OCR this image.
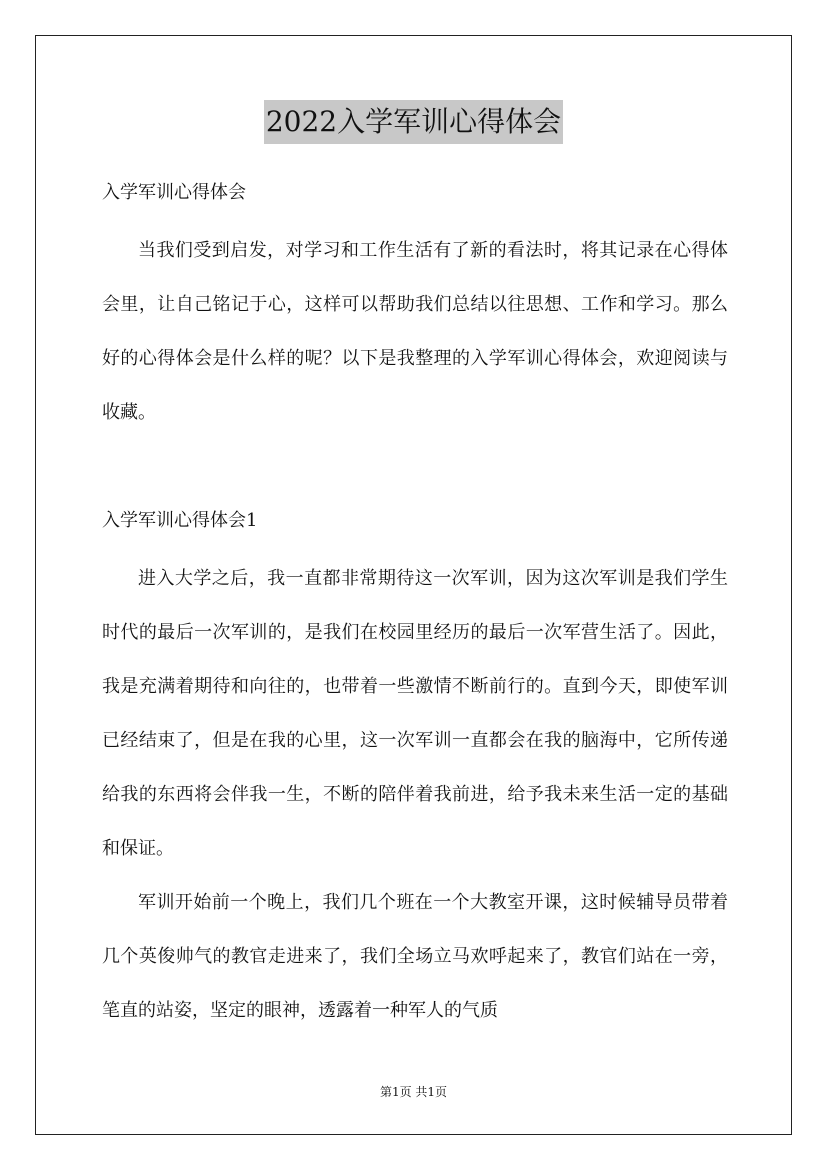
2022入学军训心得体会

入学军训心得体会

当我们受到启发，对学习和工作生活有了新的看法时，将其记录在心得体会里，让自己铭记于心，这样可以帮助我们总结以往思想、工作和学习。那么好的心得体会是什么样的呢？以下是我整理的入学军训心得体会，欢迎阅读与收藏。

入学军训心得体会1

进入大学之后，我一直都非常期待这一次军训，因为这次军训是我们学生时代的最后一次军训的，是我们在校园里经历的最后一次军营生活了。因此，我是充满着期待和向往的，也带着一些激情不断前行的。直到今天，即使军训已经结束了，但是在我的心里，这一次军训一直都会在我的脑海中，它所传递给我的东西将会伴我一生，不断的陪伴着我前进，给予我未来生活一定的基础和保证。

军训开始前一个晚上，我们几个班在一个大教室开课，这时候辅导员带着几个英俊帅气的教官走进来了，我们全场立马欢呼起来了，教官们站在一旁，笔直的站姿，坚定的眼神，透露着一种军人的气质

第1页 共1页
